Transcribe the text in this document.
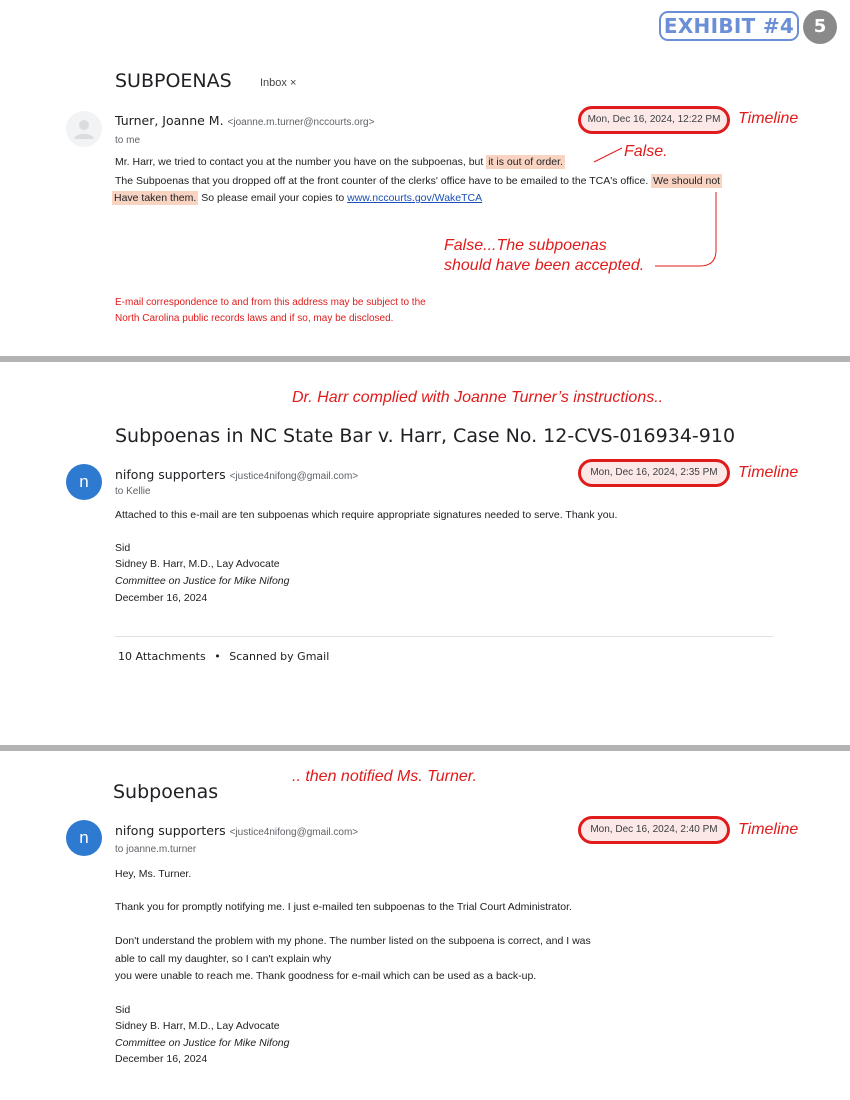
EXHIBIT #4	5
SUBPOENAS	Inbox ×
Turner, Joanne M. <joanne.m.turner@nccourts.org>
to me
Mon, Dec 16, 2024, 12:22 PM	Timeline
Mr. Harr, we tried to contact you at the number you have on the subpoenas, but it is out of order.
The Subpoenas that you dropped off at the front counter of the clerks' office have to be emailed to the TCA's office. We should not
Have taken them. So please email your copies to www.nccourts.gov/WakeTCA
False.
False...The subpoenas
should have been accepted.
E-mail correspondence to and from this address may be subject to the
North Carolina public records laws and if so, may be disclosed.
Dr. Harr complied with Joanne Turner’s instructions..
Subpoenas in NC State Bar v. Harr, Case No. 12-CVS-016934-910
n	nifong supporters <justice4nifong@gmail.com>
to Kellie
Mon, Dec 16, 2024, 2:35 PM	Timeline
Attached to this e-mail are ten subpoenas which require appropriate signatures needed to serve. Thank you.
Sid
Sidney B. Harr, M.D., Lay Advocate
Committee on Justice for Mike Nifong
December 16, 2024
10 Attachments • Scanned by Gmail
.. then notified Ms. Turner.
Subpoenas
n	nifong supporters <justice4nifong@gmail.com>
to joanne.m.turner
Mon, Dec 16, 2024, 2:40 PM	Timeline
Hey, Ms. Turner.
Thank you for promptly notifying me. I just e-mailed ten subpoenas to the Trial Court Administrator.
Don't understand the problem with my phone. The number listed on the subpoena is correct, and I was
able to call my daughter, so I can't explain why
you were unable to reach me. Thank goodness for e-mail which can be used as a back-up.
Sid
Sidney B. Harr, M.D., Lay Advocate
Committee on Justice for Mike Nifong
December 16, 2024
